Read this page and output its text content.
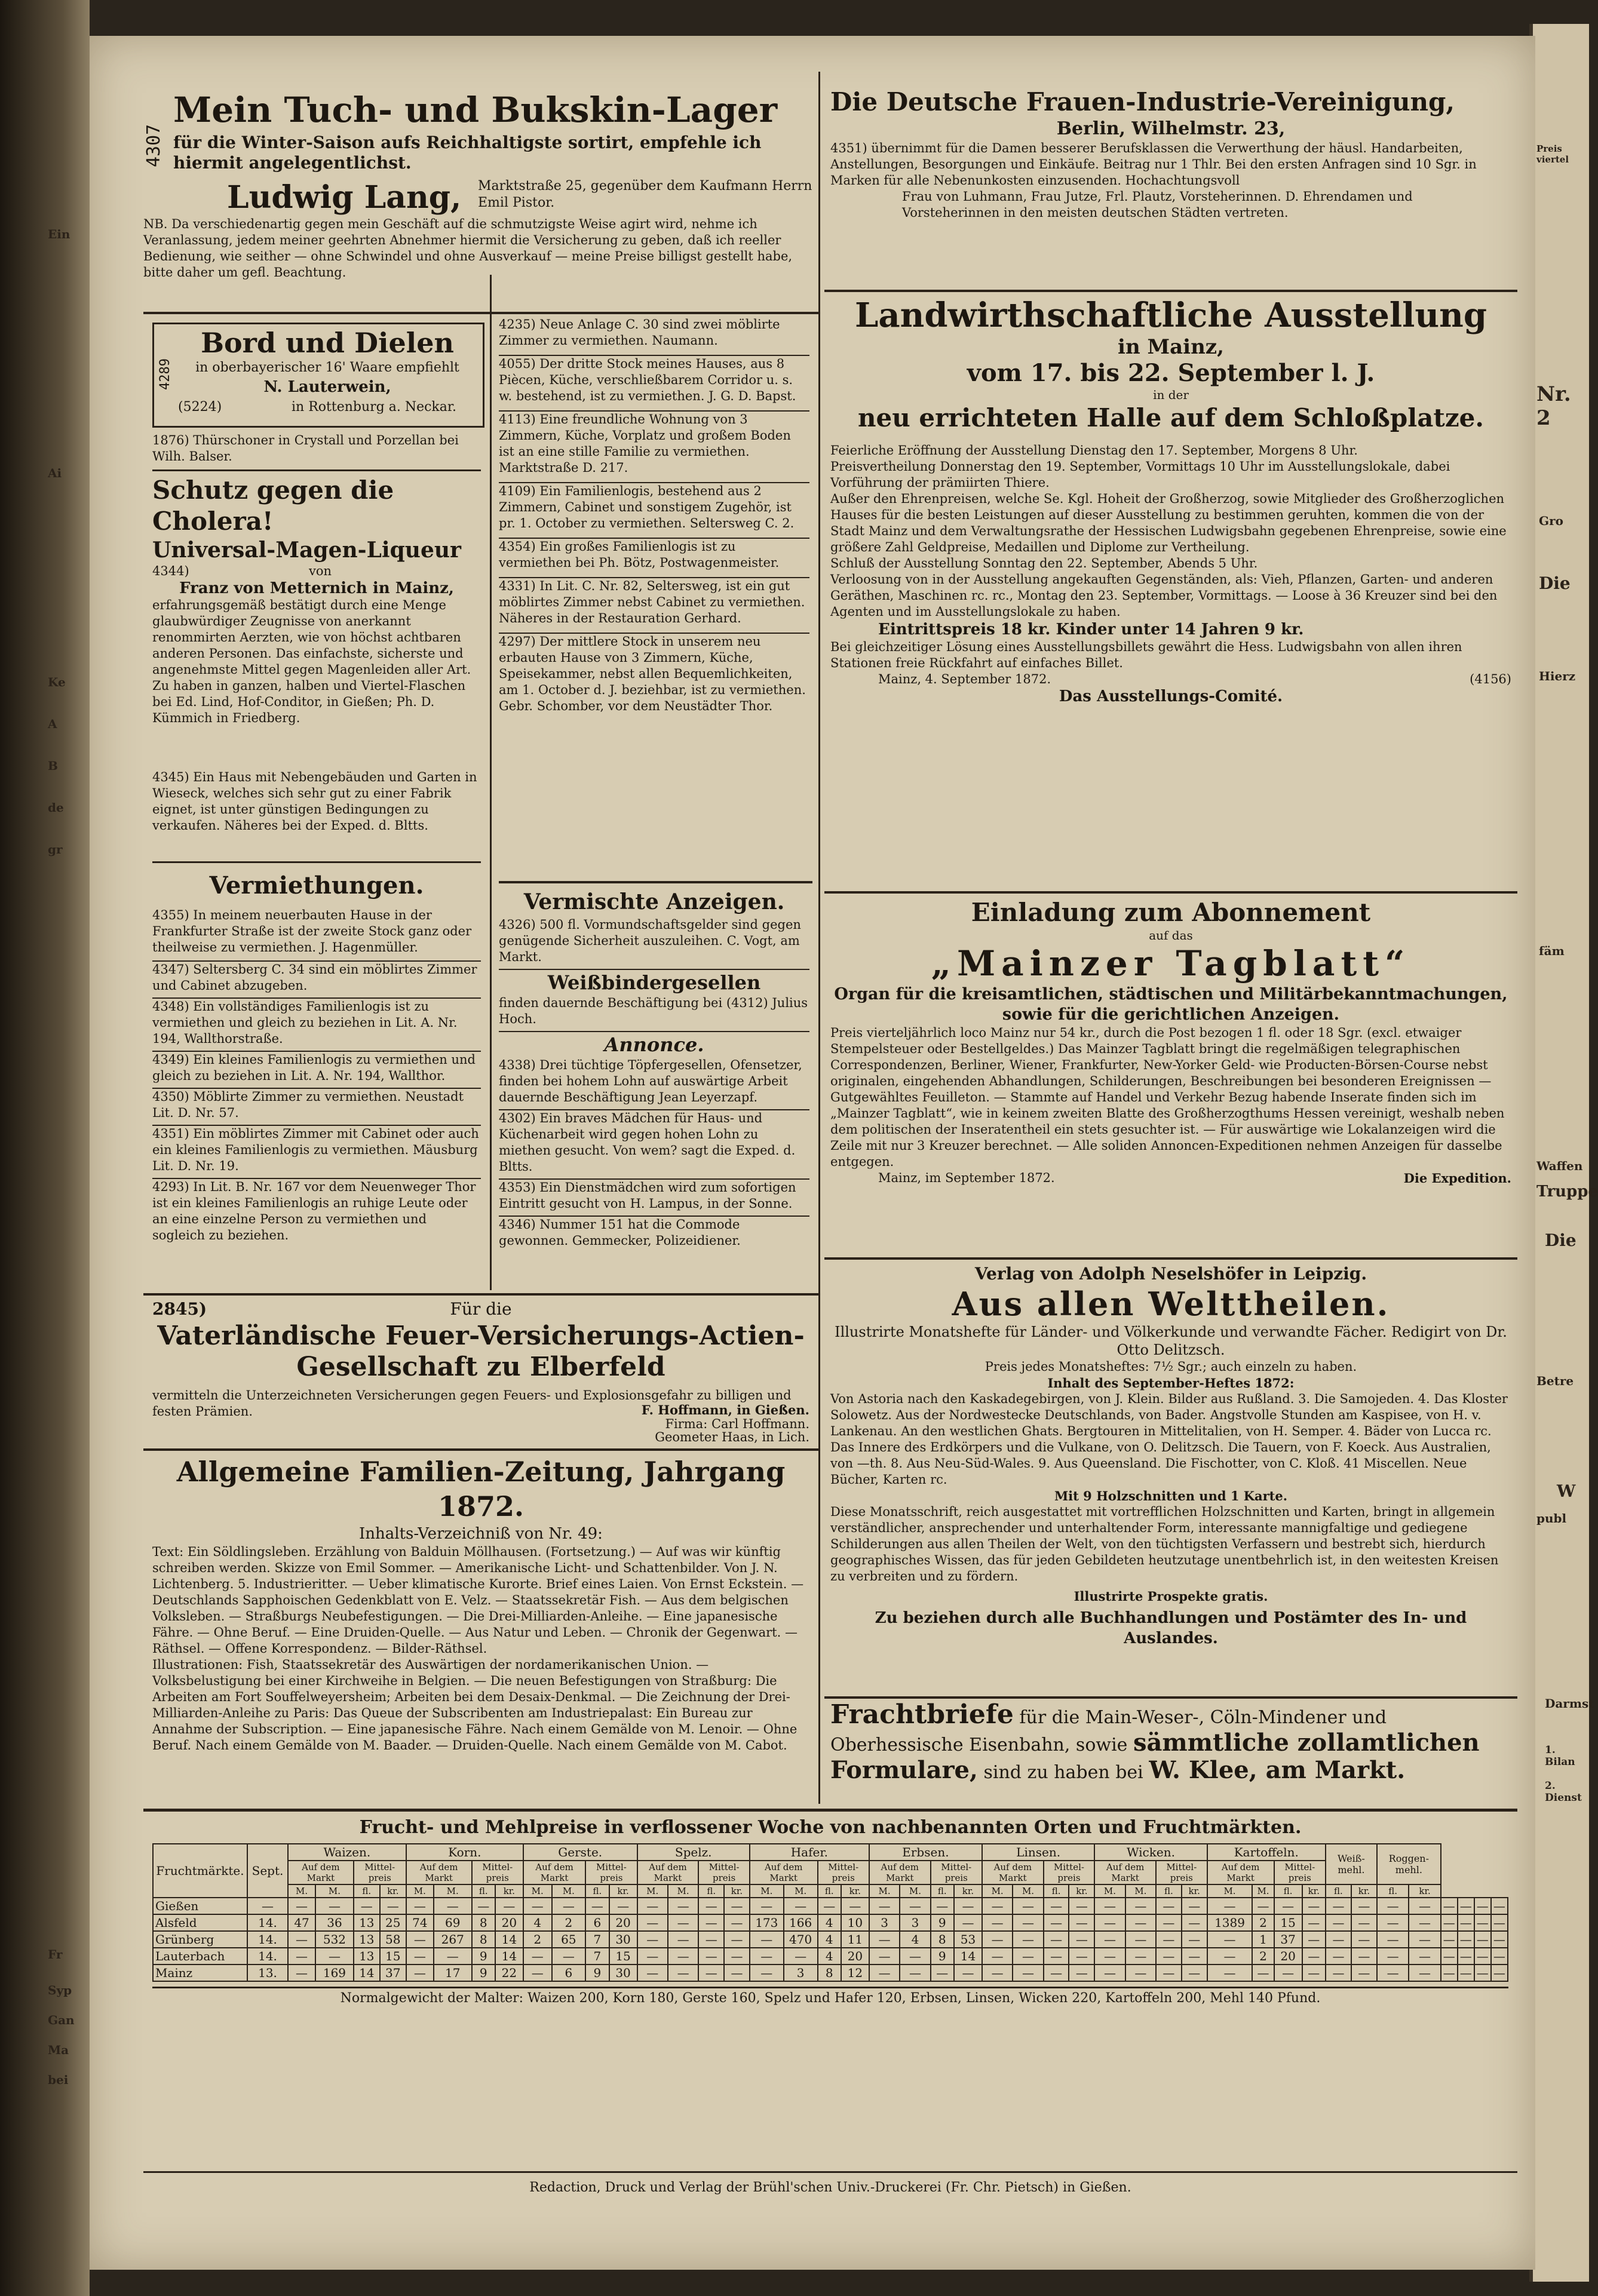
Ein
Ai
Ke
A
B
de
gr
Fr
Syp
Gan
Ma
bei
Preis viertel
Nr. 2
Gro
Die
Hierz
fäm
Waffen
Truppe
Die
Betre
W
publ
Darmst
1. Bilan
2. Dienst
4307
Mein Tuch- und Bukskin-Lager
für die Winter-Saison aufs Reichhaltigste sortirt, empfehle ich hiermit angelegentlichst.
Ludwig Lang, Marktstraße 25, gegenüber dem Kaufmann Herrn Emil Pistor.
NB. Da verschiedenartig gegen mein Geschäft auf die schmutzigste Weise agirt wird, nehme ich Veranlassung, jedem meiner geehrten Abnehmer hiermit die Versicherung zu geben, daß ich reeller Bedienung, wie seither — ohne Schwindel und ohne Ausverkauf — meine Preise billigst gestellt habe, bitte daher um gefl. Beachtung.
4289
Bord und Dielen
in oberbayerischer 16' Waare empfiehlt
N. Lauterwein,
(5224)	in Rottenburg a. Neckar.
1876) Thürschoner in Crystall und Porzellan bei Wilh. Balser.
Schutz gegen die Cholera!
Universal-Magen-Liqueur
4344)	von
Franz von Metternich in Mainz,
erfahrungsgemäß bestätigt durch eine Menge glaubwürdiger Zeugnisse von anerkannt renommirten Aerzten, wie von höchst achtbaren anderen Personen. Das einfachste, sicherste und angenehmste Mittel gegen Magenleiden aller Art. Zu haben in ganzen, halben und Viertel-Flaschen bei Ed. Lind, Hof-Conditor, in Gießen; Ph. D. Kümmich in Friedberg.
4345) Ein Haus mit Nebengebäuden und Garten in Wieseck, welches sich sehr gut zu einer Fabrik eignet, ist unter günstigen Bedingungen zu verkaufen. Näheres bei der Exped. d. Bltts.
Vermiethungen.
4355) In meinem neuerbauten Hause in der Frankfurter Straße ist der zweite Stock ganz oder theilweise zu vermiethen. J. Hagenmüller.
4347) Seltersberg C. 34 sind ein möblirtes Zimmer und Cabinet abzugeben.
4348) Ein vollständiges Familienlogis ist zu vermiethen und gleich zu beziehen in Lit. A. Nr. 194, Wallthorstraße.
4349) Ein kleines Familienlogis zu vermiethen und gleich zu beziehen in Lit. A. Nr. 194, Wallthor.
4350) Möblirte Zimmer zu vermiethen. Neustadt Lit. D. Nr. 57.
4351) Ein möblirtes Zimmer mit Cabinet oder auch ein kleines Familienlogis zu vermiethen. Mäusburg Lit. D. Nr. 19.
4293) In Lit. B. Nr. 167 vor dem Neuenweger Thor ist ein kleines Familienlogis an ruhige Leute oder an eine einzelne Person zu vermiethen und sogleich zu beziehen.
4235) Neue Anlage C. 30 sind zwei möblirte Zimmer zu vermiethen. Naumann.
4055) Der dritte Stock meines Hauses, aus 8 Piècen, Küche, verschließbarem Corridor u. s. w. bestehend, ist zu vermiethen. J. G. D. Bapst.
4113) Eine freundliche Wohnung von 3 Zimmern, Küche, Vorplatz und großem Boden ist an eine stille Familie zu vermiethen. Marktstraße D. 217.
4109) Ein Familienlogis, bestehend aus 2 Zimmern, Cabinet und sonstigem Zugehör, ist pr. 1. October zu vermiethen. Seltersweg C. 2.
4354) Ein großes Familienlogis ist zu vermiethen bei Ph. Bötz, Postwagenmeister.
4331) In Lit. C. Nr. 82, Seltersweg, ist ein gut möblirtes Zimmer nebst Cabinet zu vermiethen. Näheres in der Restauration Gerhard.
4297) Der mittlere Stock in unserem neu erbauten Hause von 3 Zimmern, Küche, Speisekammer, nebst allen Bequemlichkeiten, am 1. October d. J. beziehbar, ist zu vermiethen. Gebr. Schomber, vor dem Neustädter Thor.
Vermischte Anzeigen.
4326) 500 fl. Vormundschaftsgelder sind gegen genügende Sicherheit auszuleihen. C. Vogt, am Markt.
Weißbindergesellen
finden dauernde Beschäftigung bei (4312) Julius Hoch.
Annonce.
4338) Drei tüchtige Töpfergesellen, Ofensetzer, finden bei hohem Lohn auf auswärtige Arbeit dauernde Beschäftigung Jean Leyerzapf.
4302) Ein braves Mädchen für Haus- und Küchenarbeit wird gegen hohen Lohn zu miethen gesucht. Von wem? sagt die Exped. d. Bltts.
4353) Ein Dienstmädchen wird zum sofortigen Eintritt gesucht von H. Lampus, in der Sonne.
4346) Nummer 151 hat die Commode gewonnen. Gemmecker, Polizeidiener.
2845)	Für die
Vaterländische Feuer-Versicherungs-Actien-Gesellschaft zu Elberfeld
vermitteln die Unterzeichneten Versicherungen gegen Feuers- und Explosionsgefahr zu billigen und festen Prämien.	F. Hoffmann, in Gießen.
Firma: Carl Hoffmann.
Geometer Haas, in Lich.
Allgemeine Familien-Zeitung, Jahrgang 1872.
Inhalts-Verzeichniß von Nr. 49:
Text: Ein Söldlingsleben. Erzählung von Balduin Möllhausen. (Fortsetzung.) — Auf was wir künftig schreiben werden. Skizze von Emil Sommer. — Amerikanische Licht- und Schattenbilder. Von J. N. Lichtenberg. 5. Industrieritter. — Ueber klimatische Kurorte. Brief eines Laien. Von Ernst Eckstein. — Deutschlands Sapphoischen Gedenkblatt von E. Velz. — Staatssekretär Fish. — Aus dem belgischen Volksleben. — Straßburgs Neubefestigungen. — Die Drei-Milliarden-Anleihe. — Eine japanesische Fähre. — Ohne Beruf. — Eine Druiden-Quelle. — Aus Natur und Leben. — Chronik der Gegenwart. — Räthsel. — Offene Korrespondenz. — Bilder-Räthsel.
Illustrationen: Fish, Staatssekretär des Auswärtigen der nordamerikanischen Union. — Volksbelustigung bei einer Kirchweihe in Belgien. — Die neuen Befestigungen von Straßburg: Die Arbeiten am Fort Souffelweyersheim; Arbeiten bei dem Desaix-Denkmal. — Die Zeichnung der Drei-Milliarden-Anleihe zu Paris: Das Queue der Subscribenten am Industriepalast: Ein Bureau zur Annahme der Subscription. — Eine japanesische Fähre. Nach einem Gemälde von M. Lenoir. — Ohne Beruf. Nach einem Gemälde von M. Baader. — Druiden-Quelle. Nach einem Gemälde von M. Cabot.
Die Deutsche Frauen-Industrie-Vereinigung,
Berlin, Wilhelmstr. 23,
4351) übernimmt für die Damen besserer Berufsklassen die Verwerthung der häusl. Handarbeiten, Anstellungen, Besorgungen und Einkäufe. Beitrag nur 1 Thlr. Bei den ersten Anfragen sind 10 Sgr. in Marken für alle Nebenunkosten einzusenden. Hochachtungsvoll
Frau von Luhmann, Frau Jutze, Frl. Plautz, Vorsteherinnen. D. Ehrendamen und Vorsteherinnen in den meisten deutschen Städten vertreten.
Landwirthschaftliche Ausstellung
in Mainz,
vom 17. bis 22. September l. J.
in der
neu errichteten Halle auf dem Schloßplatze.
Feierliche Eröffnung der Ausstellung Dienstag den 17. September, Morgens 8 Uhr.
Preisvertheilung Donnerstag den 19. September, Vormittags 10 Uhr im Ausstellungslokale, dabei Vorführung der prämiirten Thiere.
Außer den Ehrenpreisen, welche Se. Kgl. Hoheit der Großherzog, sowie Mitglieder des Großherzoglichen Hauses für die besten Leistungen auf dieser Ausstellung zu bestimmen geruhten, kommen die von der Stadt Mainz und dem Verwaltungsrathe der Hessischen Ludwigsbahn gegebenen Ehrenpreise, sowie eine größere Zahl Geldpreise, Medaillen und Diplome zur Vertheilung.
Schluß der Ausstellung Sonntag den 22. September, Abends 5 Uhr.
Verloosung von in der Ausstellung angekauften Gegenständen, als: Vieh, Pflanzen, Garten- und anderen Geräthen, Maschinen rc. rc., Montag den 23. September, Vormittags. — Loose à 36 Kreuzer sind bei den Agenten und im Ausstellungslokale zu haben.
Eintrittspreis 18 kr. Kinder unter 14 Jahren 9 kr.
Bei gleichzeitiger Lösung eines Ausstellungsbillets gewährt die Hess. Ludwigsbahn von allen ihren Stationen freie Rückfahrt auf einfaches Billet.
Mainz, 4. September 1872.	(4156)
Das Ausstellungs-Comité.
Einladung zum Abonnement
auf das
„Mainzer Tagblatt“
Organ für die kreisamtlichen, städtischen und Militärbekanntmachungen, sowie für die gerichtlichen Anzeigen.
Preis vierteljährlich loco Mainz nur 54 kr., durch die Post bezogen 1 fl. oder 18 Sgr. (excl. etwaiger Stempelsteuer oder Bestellgeldes.) Das Mainzer Tagblatt bringt die regelmäßigen telegraphischen Correspondenzen, Berliner, Wiener, Frankfurter, New-Yorker Geld- wie Producten-Börsen-Course nebst originalen, eingehenden Abhandlungen, Schilderungen, Beschreibungen bei besonderen Ereignissen — Gutgewähltes Feuilleton. — Stammte auf Handel und Verkehr Bezug habende Inserate finden sich im „Mainzer Tagblatt“, wie in keinem zweiten Blatte des Großherzogthums Hessen vereinigt, weshalb neben dem politischen der Inseratentheil ein stets gesuchter ist. — Für auswärtige wie Lokalanzeigen wird die Zeile mit nur 3 Kreuzer berechnet. — Alle soliden Annoncen-Expeditionen nehmen Anzeigen für dasselbe entgegen.
Mainz, im September 1872.	Die Expedition.
Verlag von Adolph Neselshöfer in Leipzig.
Aus allen Welttheilen.
Illustrirte Monatshefte für Länder- und Völkerkunde und verwandte Fächer. Redigirt von Dr. Otto Delitzsch.
Preis jedes Monatsheftes: 7½ Sgr.; auch einzeln zu haben.
Inhalt des September-Heftes 1872:
Von Astoria nach den Kaskadegebirgen, von J. Klein. Bilder aus Rußland. 3. Die Samojeden. 4. Das Kloster Solowetz. Aus der Nordwestecke Deutschlands, von Bader. Angstvolle Stunden am Kaspisee, von H. v. Lankenau. An den westlichen Ghats. Bergtouren in Mittelitalien, von H. Semper. 4. Bäder von Lucca rc. Das Innere des Erdkörpers und die Vulkane, von O. Delitzsch. Die Tauern, von F. Koeck. Aus Australien, von —th. 8. Aus Neu-Süd-Wales. 9. Aus Queensland. Die Fischotter, von C. Kloß. 41 Miscellen. Neue Bücher, Karten rc.
Mit 9 Holzschnitten und 1 Karte.
Diese Monatsschrift, reich ausgestattet mit vortrefflichen Holzschnitten und Karten, bringt in allgemein verständlicher, ansprechender und unterhaltender Form, interessante mannigfaltige und gediegene Schilderungen aus allen Theilen der Welt, von den tüchtigsten Verfassern und bestrebt sich, hierdurch geographisches Wissen, das für jeden Gebildeten heutzutage unentbehrlich ist, in den weitesten Kreisen zu verbreiten und zu fördern.
Illustrirte Prospekte gratis.
Zu beziehen durch alle Buchhandlungen und Postämter des In- und Auslandes.

Frachtbriefe für die Main-Weser-, Cöln-Mindener und Oberhessische Eisenbahn, sowie sämmtliche zollamtlichen Formulare, sind zu haben bei W. Klee, am Markt.

Frucht- und Mehlpreise in verflossener Woche von nachbenannten Orten und Fruchtmärkten.
Fruchtmärkte.	Sept.	Waizen.				Korn.				Gerste.				Spelz.				Hafer.				Erbsen.				Linsen.				Wicken.				Kartoffeln.				Weiß-mehl.		Roggen-mehl.					
		Auf dem Markt		Mittel-preis		Auf dem Markt		Mittel-preis		Auf dem Markt		Mittel-preis		Auf dem Markt		Mittel-preis		Auf dem Markt		Mittel-preis		Auf dem Markt		Mittel-preis		Auf dem Markt		Mittel-preis		Auf dem Markt		Mittel-preis		Auf dem Markt		Mittel-preis									
		M.	M.	fl.	kr.	M.	M.	fl.	kr.	M.	M.	fl.	kr.	M.	M.	fl.	kr.	M.	M.	fl.	kr.	M.	M.	fl.	kr.	M.	M.	fl.	kr.	M.	M.	fl.	kr.	M.	M.	fl.	kr.	fl.	kr.	fl.	kr.				
Gießen	—	—	—	—	—	—	—	—	—	—	—	—	—	—	—	—	—	—	—	—	—	—	—	—	—	—	—	—	—	—	—	—	—	—	—	—	—	—	—	—	—	—	—	—	—
Alsfeld	14.	47	36	13	25	74	69	8	20	4	2	6	20	—	—	—	—	173	166	4	10	3	3	9	—	—	—	—	—	—	—	—	—	1389	2	15	—	—	—	—	—	—	—	—	—
Grünberg	14.	—	532	13	58	—	267	8	14	2	65	7	30	—	—	—	—	—	470	4	11	—	4	8	53	—	—	—	—	—	—	—	—	—	1	37	—	—	—	—	—	—	—	—	—
Lauterbach	14.	—	—	13	15	—	—	9	14	—	—	7	15	—	—	—	—	—	—	4	20	—	—	9	14	—	—	—	—	—	—	—	—	—	2	20	—	—	—	—	—	—	—	—	—
Mainz	13.	—	169	14	37	—	17	9	22	—	6	9	30	—	—	—	—	—	3	8	12	—	—	—	—	—	—	—	—	—	—	—	—	—	—	—	—	—	—	—	—	—	—	—	—
Normalgewicht der Malter: Waizen 200, Korn 180, Gerste 160, Spelz und Hafer 120, Erbsen, Linsen, Wicken 220, Kartoffeln 200, Mehl 140 Pfund.
Redaction, Druck und Verlag der Brühl'schen Univ.-Druckerei (Fr. Chr. Pietsch) in Gießen.
